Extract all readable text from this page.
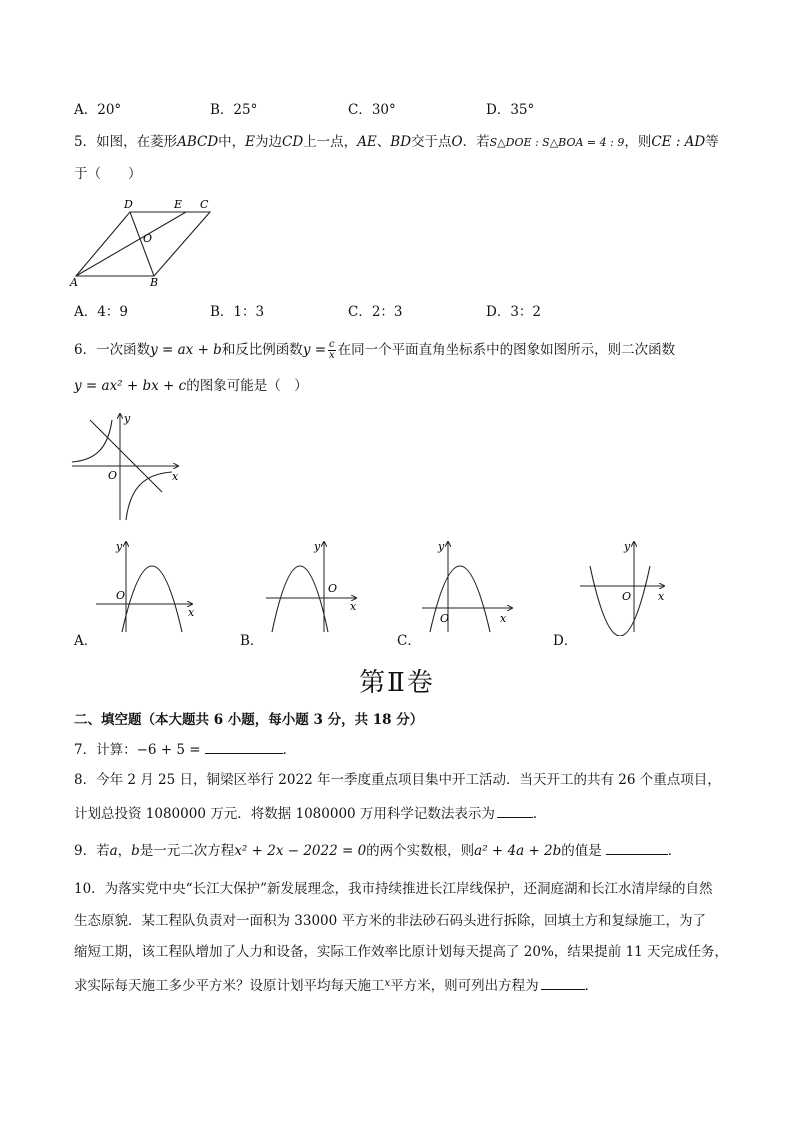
A．20°	B．25°	C．30°	D．35°
5．如图，在菱形ABCD中，E为边CD上一点，AE、BD交于点O．若S△DOE : S△BOA = 4 : 9，则CE : AD等
于（　　）
D	E C
O
A	B
A．4：9	B．1：3	C．2：3	D．3：2
6．一次函数y = ax + b和反比例函数$y = \frac{c}{x}$ 在同一个平面直角坐标系中的图象如图所示，则二次函数
y = ax² + bx + c的图象可能是（　）
y
x
O
y
x
O
A．
y
x
O
B．
y
x
O
C．
y
x
O
D．
第Ⅱ卷
二、填空题（本大题共 6 小题，每小题 3 分，共 18 分）
7．计算：−6 + 5 =	．
8．今年 2 月 25 日，铜梁区举行 2022 年一季度重点项目集中开工活动．当天开工的共有 26 个重点项目，
计划总投资 1080000 万元．将数据 1080000 万用科学记数法表示为	．
9．若a，b是一元二次方程x² + 2x − 2022 = 0的两个实数根，则a² + 4a + 2b的值是	．
10．为落实党中央“长江大保护”新发展理念，我市持续推进长江岸线保护，还洞庭湖和长江水清岸绿的自然
生态原貌．某工程队负责对一面积为 33000 平方米的非法砂石码头进行拆除，回填土方和复绿施工，为了
缩短工期，该工程队增加了人力和设备，实际工作效率比原计划每天提高了 20%，结果提前 11 天完成任务，
求实际每天施工多少平方米？设原计划平均每天施工$^x$平方米，则可列出方程为	．
